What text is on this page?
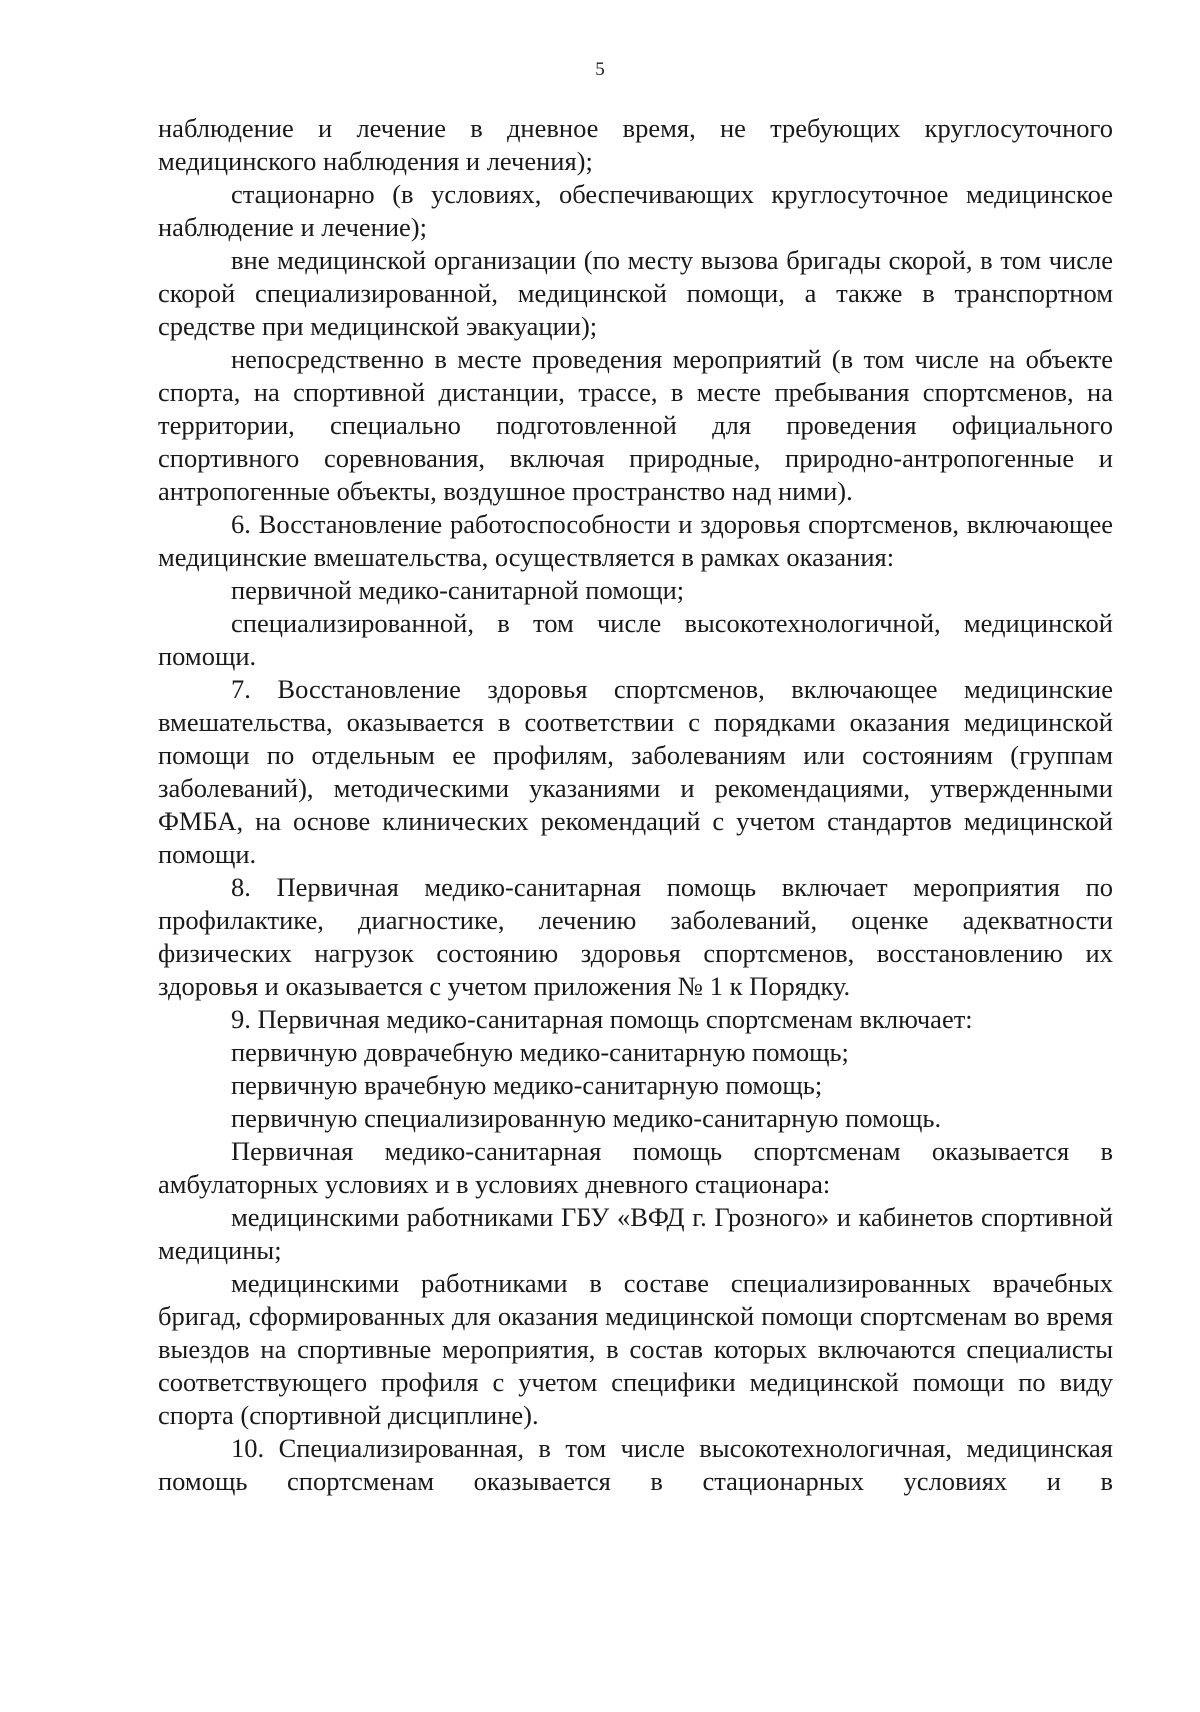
5

наблюдение и лечение в дневное время, не требующих круглосуточного медицинского наблюдения и лечения);

стационарно (в условиях, обеспечивающих круглосуточное медицинское наблюдение и лечение);

вне медицинской организации (по месту вызова бригады скорой, в том числе скорой специализированной, медицинской помощи, а также в транспортном средстве при медицинской эвакуации);

непосредственно в месте проведения мероприятий (в том числе на объекте спорта, на спортивной дистанции, трассе, в месте пребывания спортсменов, на территории, специально подготовленной для проведения официального спортивного соревнования, включая природные, природно-антропогенные и антропогенные объекты, воздушное пространство над ними).

6. Восстановление работоспособности и здоровья спортсменов, включающее медицинские вмешательства, осуществляется в рамках оказания:

первичной медико-санитарной помощи;

специализированной, в том числе высокотехнологичной, медицинской помощи.

7. Восстановление здоровья спортсменов, включающее медицинские вмешательства, оказывается в соответствии с порядками оказания медицинской помощи по отдельным ее профилям, заболеваниям или состояниям (группам заболеваний), методическими указаниями и рекомендациями, утвержденными ФМБА, на основе клинических рекомендаций с учетом стандартов медицинской помощи.

8. Первичная медико-санитарная помощь включает мероприятия по профилактике, диагностике, лечению заболеваний, оценке адекватности физических нагрузок состоянию здоровья спортсменов, восстановлению их здоровья и оказывается с учетом приложения № 1 к Порядку.

9. Первичная медико-санитарная помощь спортсменам включает:

первичную доврачебную медико-санитарную помощь;

первичную врачебную медико-санитарную помощь;

первичную специализированную медико-санитарную помощь.

Первичная медико-санитарная помощь спортсменам оказывается в амбулаторных условиях и в условиях дневного стационара:

медицинскими работниками ГБУ «ВФД г. Грозного» и кабинетов спортивной медицины;

медицинскими работниками в составе специализированных врачебных бригад, сформированных для оказания медицинской помощи спортсменам во время выездов на спортивные мероприятия, в состав которых включаются специалисты соответствующего профиля с учетом специфики медицинской помощи по виду спорта (спортивной дисциплине).

10. Специализированная, в том числе высокотехнологичная, медицинская помощь спортсменам оказывается в стационарных условиях и в
